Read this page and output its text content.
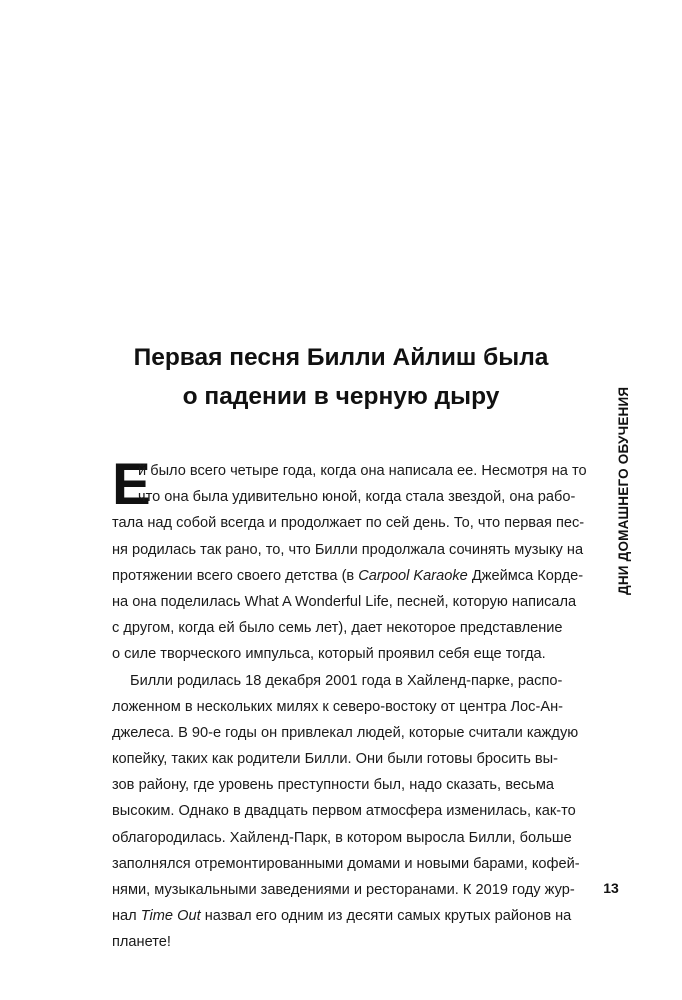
Первая песня Билли Айлиш была
о падении в черную дыру
Е
й было всего четыре года, когда она написала ее. Несмотря на то
что она была удивительно юной, когда стала звездой, она рабо-
тала над собой всегда и продолжает по сей день. То, что первая пес-
ня родилась так рано, то, что Билли продолжала сочинять музыку на
протяжении всего своего детства (в Carpool Karaoke Джеймса Корде-
на она поделилась What A Wonderful Life, песней, которую написала
с другом, когда ей было семь лет), дает некоторое представление
о силе творческого импульса, который проявил себя еще тогда.
Билли родилась 18 декабря 2001 года в Хайленд-парке, распо-
ложенном в нескольких милях к северо-востоку от центра Лос-Ан-
джелеса. В 90-е годы он привлекал людей, которые считали каждую
копейку, таких как родители Билли. Они были готовы бросить вы-
зов району, где уровень преступности был, надо сказать, весьма
высоким. Однако в двадцать первом атмосфера изменилась, как-то
облагородилась. Хайленд-Парк, в котором выросла Билли, больше
заполнялся отремонтированными домами и новыми барами, кофей-
нями, музыкальными заведениями и ресторанами. К 2019 году жур-
нал Time Out назвал его одним из десяти самых крутых районов на
планете!
ДНИ ДОМАШНЕГО ОБУЧЕНИЯ
13
